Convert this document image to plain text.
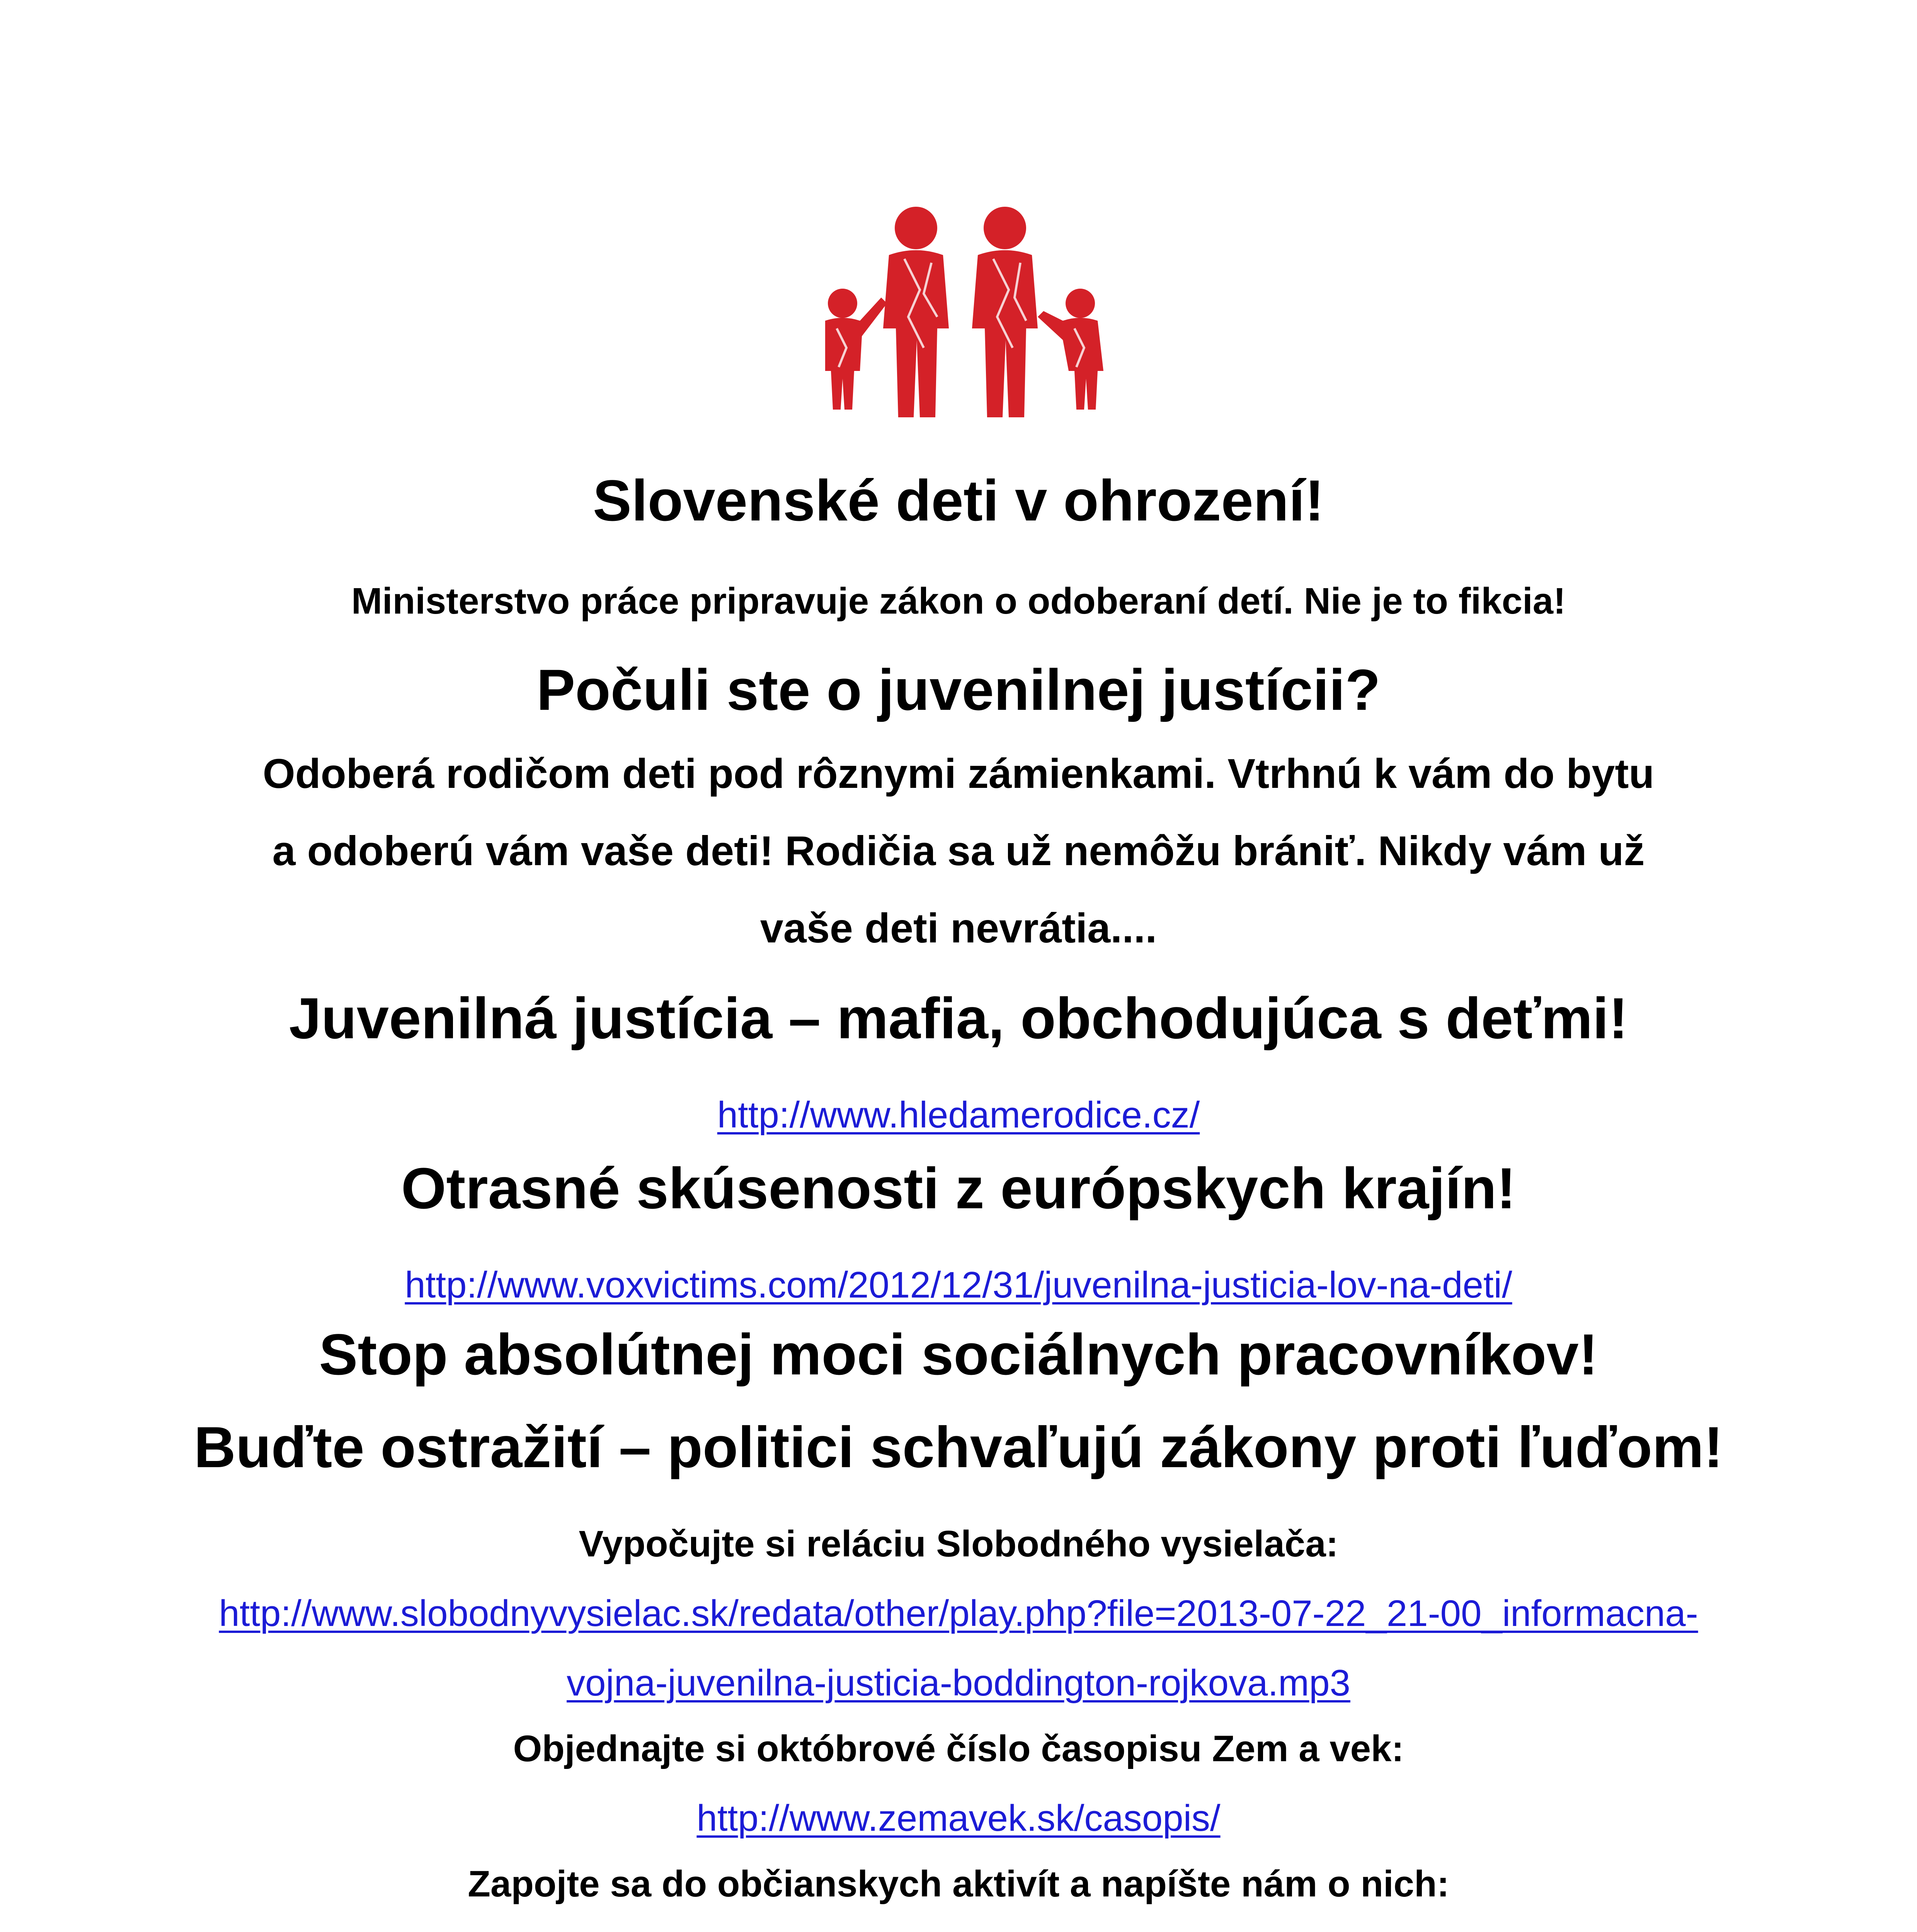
Slovenské deti v ohrození!

Ministerstvo práce pripravuje zákon o odoberaní detí. Nie je to fikcia!

Počuli ste o juvenilnej justícii?

Odoberá rodičom deti pod rôznymi zámienkami. Vtrhnú k vám do bytu

a odoberú vám vaše deti! Rodičia sa už nemôžu brániť. Nikdy vám už

vaše deti nevrátia....

Juvenilná justícia – mafia, obchodujúca s deťmi!

http://www.hledamerodice.cz/

Otrasné skúsenosti z európskych krajín!

http://www.voxvictims.com/2012/12/31/juvenilna-justicia-lov-na-deti/

Stop absolútnej moci sociálnych pracovníkov!

Buďte ostražití – politici schvaľujú zákony proti ľuďom!

Vypočujte si reláciu Slobodného vysielača:

http://www.slobodnyvysielac.sk/redata/other/play.php?file=2013-07-22_21-00_informacna-
vojna-juvenilna-justicia-boddington-rojkova.mp3

Objednajte si októbrové číslo časopisu Zem a vek:

http://www.zemavek.sk/casopis/

Zapojte sa do občianskych aktivít a napíšte nám o nich:
